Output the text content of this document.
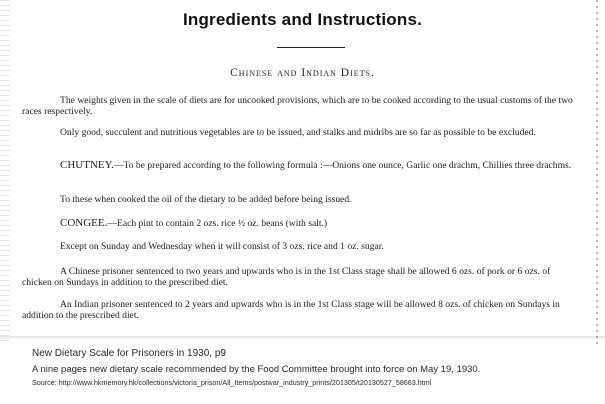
Ingredients and Instructions.
Chinese and Indian Diets.
The weights given in the scale of diets are for uncooked provisions, which are to be cooked according to the usual customs of the two races respectively.
Only good, succulent and nutritious vegetables are to be issued, and stalks and midribs are so far as possible to be excluded.
CHUTNEY.—To be prepared according to the following formula :—Onions one ounce, Garlic one drachm, Chillies three drachms.
To these when cooked the oil of the dietary to be added before being issued.
CONGEE.—Each pint to contain 2 ozs. rice ½ oz. beans (with salt.)
Except on Sunday and Wednesday when it will consist of 3 ozs. rice and 1 oz. sugar.
A Chinese prisoner sentenced to two years and upwards who is in the 1st Class stage shall be allowed 6 ozs. of pork or 6 ozs. of chicken on Sundays in addition to the prescribed diet.
An Indian prisoner sentenced to 2 years and upwards who is in the 1st Class stage will be allowed 8 ozs. of chicken on Sundays in addition to the prescribed diet.
New Dietary Scale for Prisoners in 1930, p9
A nine pages new dietary scale recommended by the Food Committee brought into force on May 19, 1930.
Source: http://www.hkmemory.hk/collections/victoria_prison/All_Items/postwar_industry_prints/201305/t20130527_58663.html
